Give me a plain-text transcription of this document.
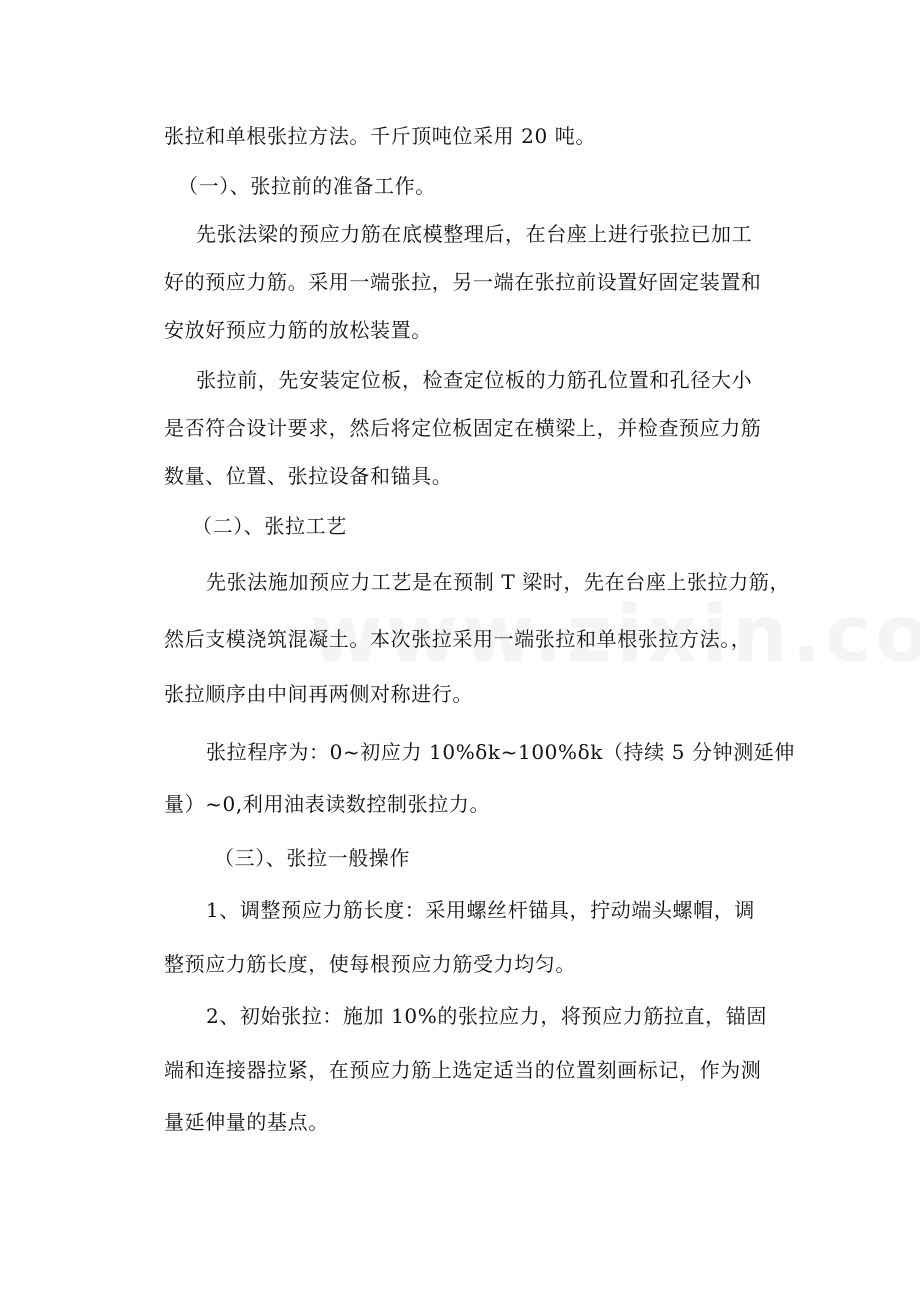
张拉和单根张拉方法。千斤顶吨位采用 20 吨。
（一）、张拉前的准备工作。
先张法梁的预应力筋在底模整理后，在台座上进行张拉已加工
好的预应力筋。采用一端张拉，另一端在张拉前设置好固定装置和
安放好预应力筋的放松装置。
张拉前，先安装定位板，检查定位板的力筋孔位置和孔径大小
是否符合设计要求，然后将定位板固定在横梁上，并检查预应力筋
数量、位置、张拉设备和锚具。
（二）、张拉工艺
先张法施加预应力工艺是在预制 T 梁时，先在台座上张拉力筋，
然后支模浇筑混凝土。本次张拉采用一端张拉和单根张拉方法。，
张拉顺序由中间再两侧对称进行。
张拉程序为：0~初应力 10%δk~100%δk（持续 5 分钟测延伸
量）~0,利用油表读数控制张拉力。
（三）、张拉一般操作
1、调整预应力筋长度：采用螺丝杆锚具，拧动端头螺帽，调
整预应力筋长度，使每根预应力筋受力均匀。
2、初始张拉：施加 10%的张拉应力，将预应力筋拉直，锚固
端和连接器拉紧，在预应力筋上选定适当的位置刻画标记，作为测
量延伸量的基点。
